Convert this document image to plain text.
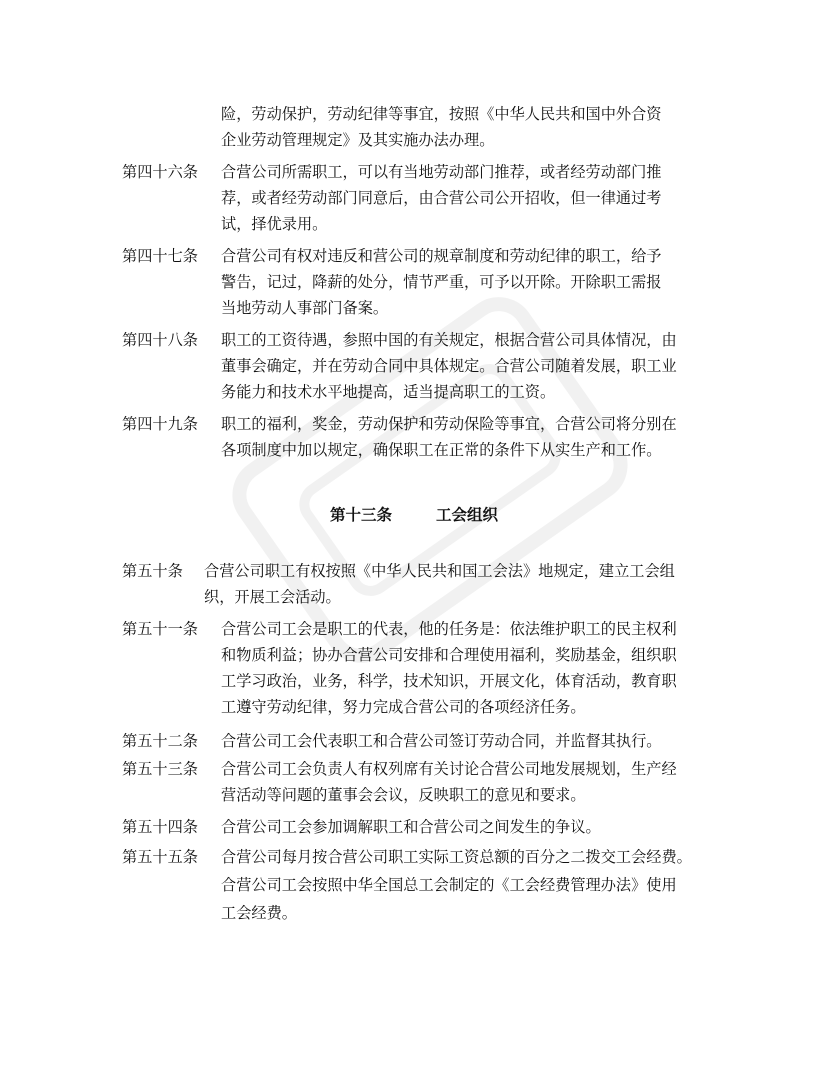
险，劳动保护，劳动纪律等事宜，按照《中华人民共和国中外合资
企业劳动管理规定》及其实施办法办理。
第四十六条 合营公司所需职工，可以有当地劳动部门推荐，或者经劳动部门推
荐，或者经劳动部门同意后，由合营公司公开招收，但一律通过考
试，择优录用。
第四十七条 合营公司有权对违反和营公司的规章制度和劳动纪律的职工，给予
警告，记过，降薪的处分，情节严重，可予以开除。开除职工需报
当地劳动人事部门备案。
第四十八条 职工的工资待遇，参照中国的有关规定，根据合营公司具体情况，由
董事会确定，并在劳动合同中具体规定。合营公司随着发展，职工业
务能力和技术水平地提高，适当提高职工的工资。
第四十九条 职工的福利，奖金，劳动保护和劳动保险等事宜，合营公司将分别在
各项制度中加以规定，确保职工在正常的条件下从实生产和工作。
第十三条	工会组织
第五十条 合营公司职工有权按照《中华人民共和国工会法》地规定，建立工会组
织，开展工会活动。
第五十一条 合营公司工会是职工的代表，他的任务是：依法维护职工的民主权利
和物质利益；协办合营公司安排和合理使用福利，奖励基金，组织职
工学习政治，业务，科学，技术知识，开展文化，体育活动，教育职
工遵守劳动纪律，努力完成合营公司的各项经济任务。
第五十二条 合营公司工会代表职工和合营公司签订劳动合同，并监督其执行。
第五十三条 合营公司工会负责人有权列席有关讨论合营公司地发展规划，生产经
营活动等问题的董事会会议，反映职工的意见和要求。
第五十四条 合营公司工会参加调解职工和合营公司之间发生的争议。
第五十五条 合营公司每月按合营公司职工实际工资总额的百分之二拨交工会经费。
合营公司工会按照中华全国总工会制定的《工会经费管理办法》使用
工会经费。
